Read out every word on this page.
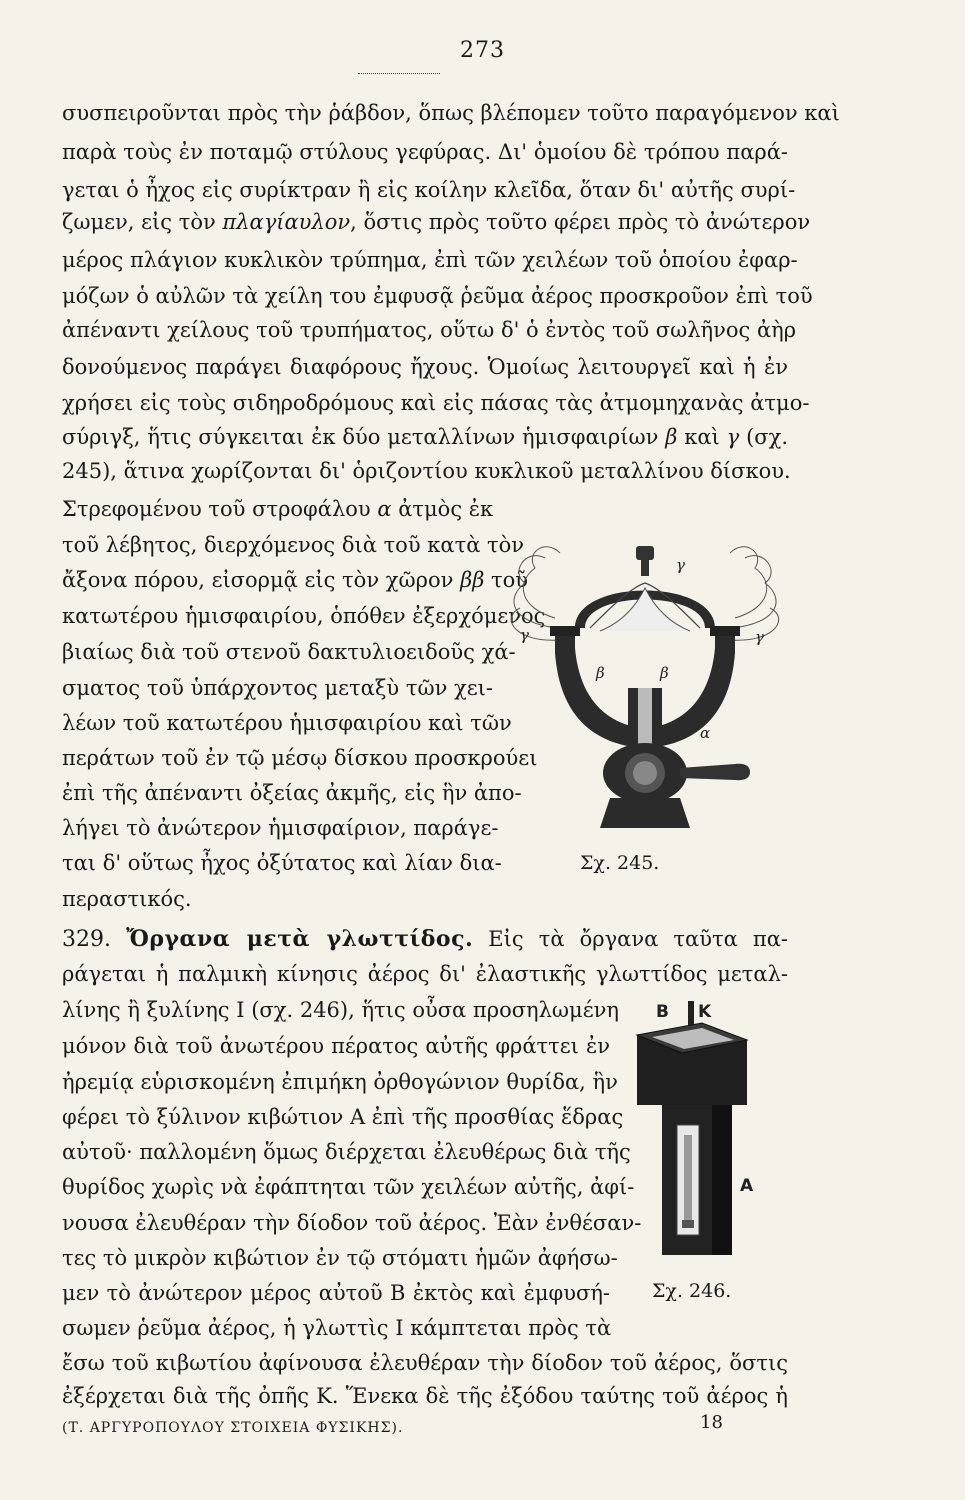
273
συσπειροῦνται πρὸς τὴν ῥάβδον, ὅπως βλέπομεν τοῦτο παραγόμενον καὶ
παρὰ τοὺς ἐν ποταμῷ στύλους γεφύρας. Δι' ὁμοίου δὲ τρόπου παρά-
γεται ὁ ἦχος εἰς συρίκτραν ἢ εἰς κοίλην κλεῖδα, ὅταν δι' αὐτῆς συρί-
ζωμεν, εἰς τὸν πλαγίαυλον, ὅστις πρὸς τοῦτο φέρει πρὸς τὸ ἀνώτερον
μέρος πλάγιον κυκλικὸν τρύπημα, ἐπὶ τῶν χειλέων τοῦ ὁποίου ἐφαρ-
μόζων ὁ αὐλῶν τὰ χείλη του ἐμφυσᾷ ῥεῦμα ἀέρος προσκροῦον ἐπὶ τοῦ
ἀπέναντι χείλους τοῦ τρυπήματος, οὕτω δ' ὁ ἐντὸς τοῦ σωλῆνος ἀὴρ
δονούμενος παράγει διαφόρους ἤχους. Ὁμοίως λειτουργεῖ καὶ ἡ ἐν
χρήσει εἰς τοὺς σιδηροδρόμους καὶ εἰς πάσας τὰς ἀτμομηχανὰς ἀτμο-
σύριγξ, ἥτις σύγκειται ἐκ δύο μεταλλίνων ἡμισφαιρίων β καὶ γ (σχ.
245), ἅτινα χωρίζονται δι' ὁριζοντίου κυκλικοῦ μεταλλίνου δίσκου.
Στρεφομένου τοῦ στροφάλου α ἀτμὸς ἐκ
τοῦ λέβητος, διερχόμενος διὰ τοῦ κατὰ τὸν
ἄξονα πόρου, εἰσορμᾷ εἰς τὸν χῶρον ββ τοῦ
κατωτέρου ἡμισφαιρίου, ὁπόθεν ἐξερχόμενος
βιαίως διὰ τοῦ στενοῦ δακτυλιοειδοῦς χά-
σματος τοῦ ὑπάρχοντος μεταξὺ τῶν χει-
λέων τοῦ κατωτέρου ἡμισφαιρίου καὶ τῶν
περάτων τοῦ ἐν τῷ μέσῳ δίσκου προσκρούει
ἐπὶ τῆς ἀπέναντι ὀξείας ἀκμῆς, εἰς ἣν ἀπο-
λήγει τὸ ἀνώτερον ἡμισφαίριον, παράγε-
ται δ' οὕτως ἦχος ὀξύτατος καὶ λίαν δια-
περαστικός.
γ
γ	γ
β	β
α
Σχ. 245.
329. Ὄργανα μετὰ γλωττίδος. Εἰς τὰ ὄργανα ταῦτα πα-
ράγεται ἡ παλμικὴ κίνησις ἀέρος δι' ἐλαστικῆς γλωττίδος μεταλ-
λίνης ἢ ξυλίνης Ι (σχ. 246), ἥτις οὖσα προσηλωμένη
μόνον διὰ τοῦ ἀνωτέρου πέρατος αὐτῆς φράττει ἐν
ἠρεμίᾳ εὑρισκομένη ἐπιμήκη ὀρθογώνιον θυρίδα, ἣν
φέρει τὸ ξύλινον κιβώτιον Α ἐπὶ τῆς προσθίας ἕδρας
αὐτοῦ· παλλομένη ὅμως διέρχεται ἐλευθέρως διὰ τῆς
θυρίδος χωρὶς νὰ ἐφάπτηται τῶν χειλέων αὐτῆς, ἀφί-
νουσα ἐλευθέραν τὴν δίοδον τοῦ ἀέρος. Ἐὰν ἐνθέσαν-
τες τὸ μικρὸν κιβώτιον ἐν τῷ στόματι ἡμῶν ἀφήσω-
μεν τὸ ἀνώτερον μέρος αὐτοῦ Β ἐκτὸς καὶ ἐμφυσή-
σωμεν ῥεῦμα ἀέρος, ἡ γλωττὶς Ι κάμπτεται πρὸς τὰ
ἔσω τοῦ κιβωτίου ἀφίνουσα ἐλευθέραν τὴν δίοδον τοῦ ἀέρος, ὅστις
ἐξέρχεται διὰ τῆς ὀπῆς Κ. Ἕνεκα δὲ τῆς ἐξόδου ταύτης τοῦ ἀέρος ἡ
B K
A
Σχ. 246.
(Τ. ΑΡΓΥΡΟΠΟΥΛΟΥ ΣΤΟΙΧΕΙΑ ΦΥΣΙΚΗΣ).	18
